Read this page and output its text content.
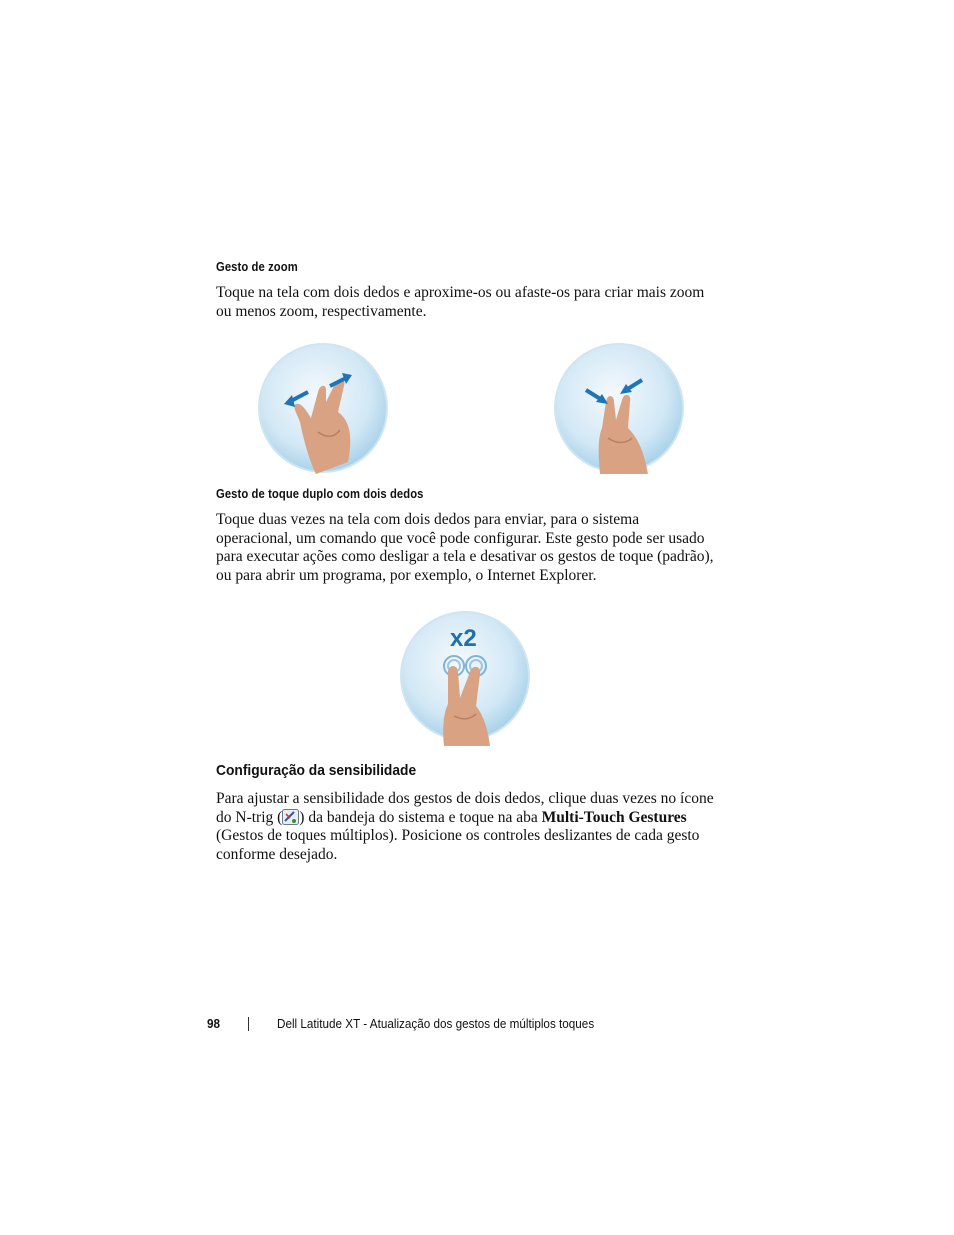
Gesto de zoom
Toque na tela com dois dedos e aproxime-os ou afaste-os para criar mais zoom ou menos zoom, respectivamente.
Gesto de toque duplo com dois dedos
Toque duas vezes na tela com dois dedos para enviar, para o sistema operacional, um comando que você pode configurar. Este gesto pode ser usado para executar ações como desligar a tela e desativar os gestos de toque (padrão), ou para abrir um programa, por exemplo, o Internet Explorer.
x2
Configuração da sensibilidade
Para ajustar a sensibilidade dos gestos de dois dedos, clique duas vezes no ícone do N-trig ( ) da bandeja do sistema e toque na aba Multi-Touch Gestures (Gestos de toques múltiplos). Posicione os controles deslizantes de cada gesto conforme desejado.
98	Dell Latitude XT - Atualização dos gestos de múltiplos toques
